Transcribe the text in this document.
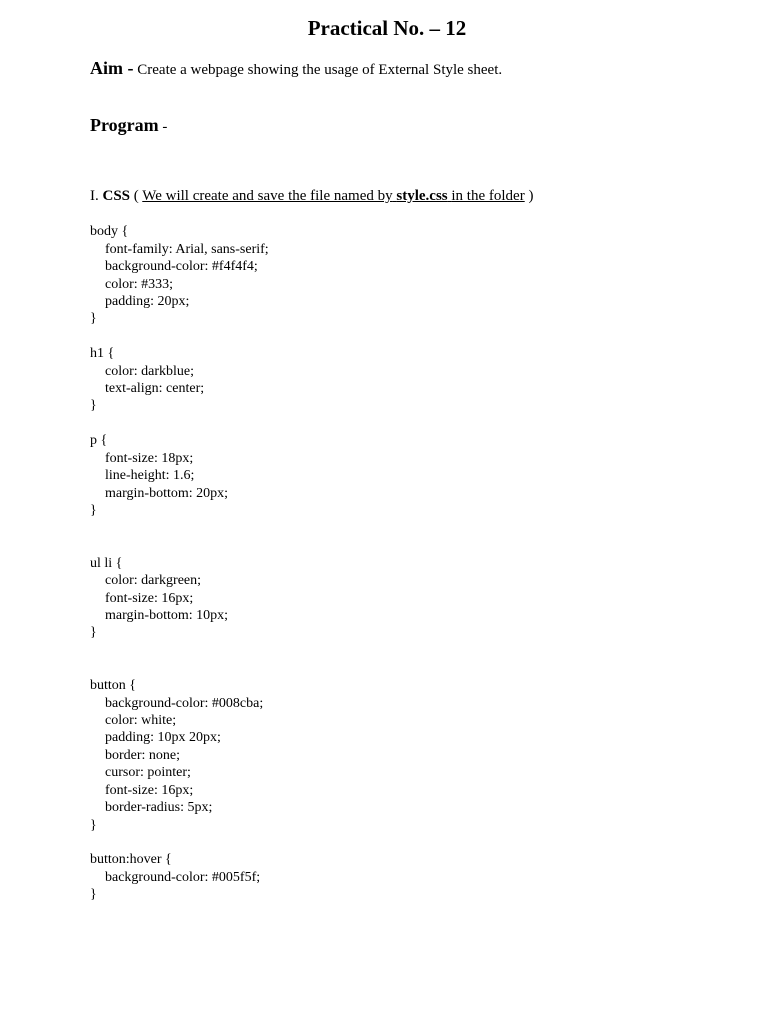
Practical No. – 12
Aim - Create a webpage showing the usage of External Style sheet.
Program -
I. CSS ( We will create and save the file named by style.css in the folder )
body {
font-family: Arial, sans-serif;
background-color: #f4f4f4;
color: #333;
padding: 20px;
}
h1 {
color: darkblue;
text-align: center;
}
p {
font-size: 18px;
line-height: 1.6;
margin-bottom: 20px;
}
ul li {
color: darkgreen;
font-size: 16px;
margin-bottom: 10px;
}
button {
background-color: #008cba;
color: white;
padding: 10px 20px;
border: none;
cursor: pointer;
font-size: 16px;
border-radius: 5px;
}
button:hover {
background-color: #005f5f;
}
